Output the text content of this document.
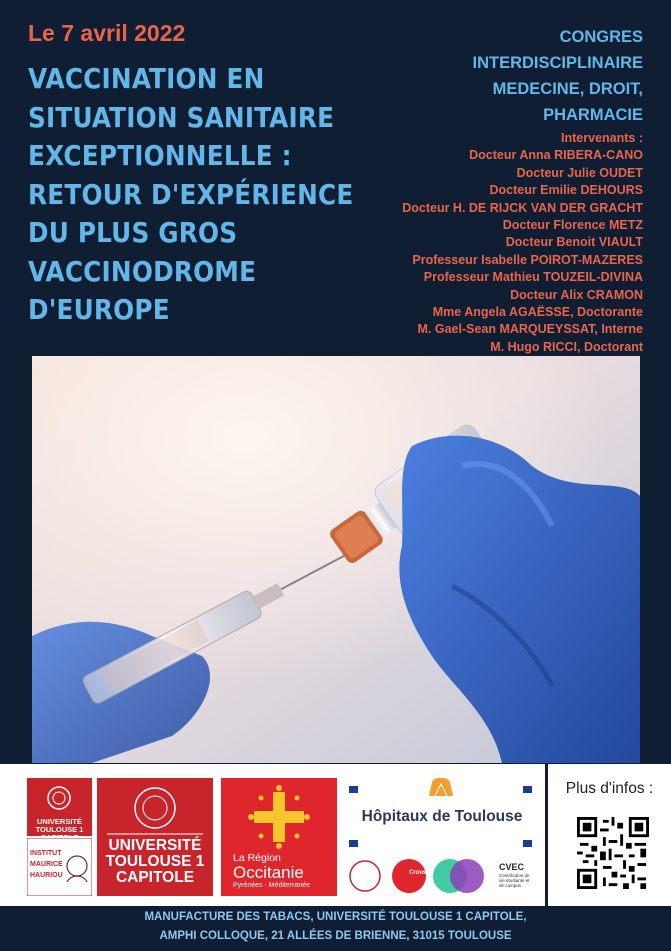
Le 7 avril 2022
VACCINATION EN
SITUATION SANITAIRE
EXCEPTIONNELLE :
RETOUR D'EXPÉRIENCE
DU PLUS GROS
VACCINODROME
D'EUROPE
CONGRES
INTERDISCIPLINAIRE
MEDECINE, DROIT,
PHARMACIE
Intervenants :
Docteur Anna RIBERA-CANO
Docteur Julie OUDET
Docteur Emilie DEHOURS
Docteur H. DE RIJCK VAN DER GRACHT
Docteur Florence METZ
Docteur Benoit VIAULT
Professeur Isabelle POIROT-MAZERES
Professeur Mathieu TOUZEIL-DIVINA
Docteur Alix CRAMON
Mme Angela AGAËSSE, Doctorante
M. Gael-Sean MARQUEYSSAT, Interne
M. Hugo RICCI, Doctorant
UNIVERSITÉ TOULOUSE 1
INSTITUT MAURICE HAURIOU
UNIVERSITÉ TOULOUSE 1 CAPITOLE
La Région
Occitanie
Pyrénées · Méditerranée
Hôpitaux de Toulouse
Crous
CVEC
Contribution de vie étudiante et de campus
Plus d'infos :
MANUFACTURE DES TABACS, UNIVERSITÉ TOULOUSE 1 CAPITOLE,
AMPHI COLLOQUE, 21 ALLÉES DE BRIENNE, 31015 TOULOUSE
